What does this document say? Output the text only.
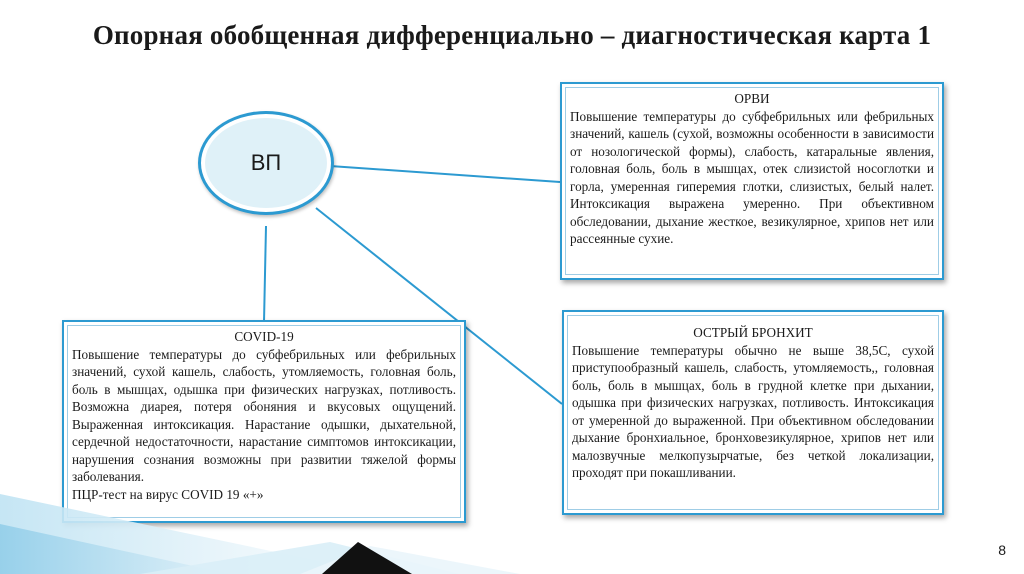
Опорная обобщенная дифференциально – диагностическая карта 1
ВП
ОРВИ

Повышение температуры до субфебрильных или фебрильных значений, кашель (сухой, возможны особенности в зависимости от нозологической формы), слабость, катаральные явления, головная боль, боль в мышцах, отек слизистой носоглотки и горла, умеренная гиперемия глотки, слизистых, белый налет. Интоксикация выражена умеренно. При объективном обследовании, дыхание жесткое, везикулярное, хрипов нет или рассеянные сухие.

COVID-19

Повышение температуры до субфебрильных или фебрильных значений, сухой кашель, слабость, утомляемость, головная боль, боль в мышцах, одышка при физических нагрузках, потливость. Возможна диарея, потеря обоняния и вкусовых ощущений. Выраженная интоксикация. Нарастание одышки, дыхательной, сердечной недостаточности, нарастание симптомов интоксикации, нарушения сознания возможны при развитии тяжелой формы заболевания.

ПЦР-тест на вирус COVID 19 «+»

ОСТРЫЙ БРОНХИТ

Повышение температуры обычно не выше 38,5С, сухой приступообразный кашель, слабость, утомляемость,, головная боль, боль в мышцах, боль в грудной клетке при дыхании, одышка при физических нагрузках, потливость. Интоксикация от умеренной до выраженной. При объективном обследовании дыхание бронхиальное, бронховезикулярное, хрипов нет или малозвучные мелкопузырчатые, без четкой локализации, проходят при покашливании.

8
